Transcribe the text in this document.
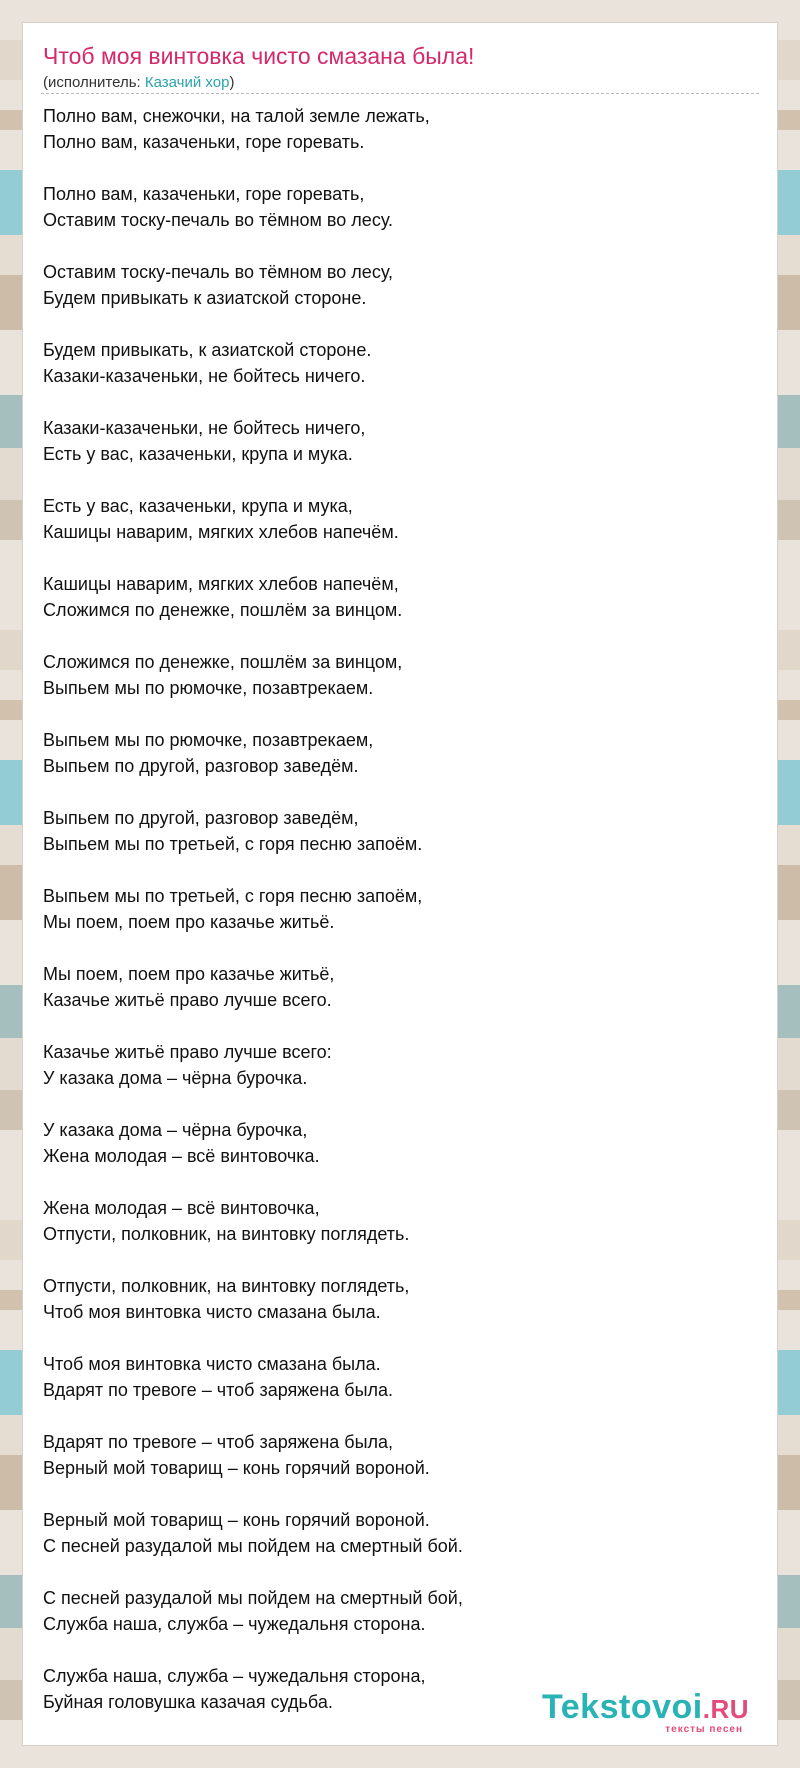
Чтоб моя винтовка чисто смазана была!
(исполнитель: Казачий хор)
Полно вам, снежочки, на талой земле лежать,
Полно вам, казаченьки, горе горевать.
Полно вам, казаченьки, горе горевать,
Оставим тоску-печаль во тёмном во лесу.
Оставим тоску-печаль во тёмном во лесу,
Будем привыкать к азиатской стороне.
Будем привыкать, к азиатской стороне.
Казаки-казаченьки, не бойтесь ничего.
Казаки-казаченьки, не бойтесь ничего,
Есть у вас, казаченьки, крупа и мука.
Есть у вас, казаченьки, крупа и мука,
Кашицы наварим, мягких хлебов напечём.
Кашицы наварим, мягких хлебов напечём,
Сложимся по денежке, пошлём за винцом.
Сложимся по денежке, пошлём за винцом,
Выпьем мы по рюмочке, позавтрекаем.
Выпьем мы по рюмочке, позавтрекаем,
Выпьем по другой, разговор заведём.
Выпьем по другой, разговор заведём,
Выпьем мы по третьей, с горя песню запоём.
Выпьем мы по третьей, с горя песню запоём,
Мы поем, поем про казачье житьё.
Мы поем, поем про казачье житьё,
Казачье житьё право лучше всего.
Казачье житьё право лучше всего:
У казака дома – чёрна бурочка.
У казака дома – чёрна бурочка,
Жена молодая – всё винтовочка.
Жена молодая – всё винтовочка,
Отпусти, полковник, на винтовку поглядеть.
Отпусти, полковник, на винтовку поглядеть,
Чтоб моя винтовка чисто смазана была.
Чтоб моя винтовка чисто смазана была.
Вдарят по тревоге – чтоб заряжена была.
Вдарят по тревоге – чтоб заряжена была,
Верный мой товарищ – конь горячий вороной.
Верный мой товарищ – конь горячий вороной.
С песней разудалой мы пойдем на смертный бой.
С песней разудалой мы пойдем на смертный бой,
Служба наша, служба – чужедальня сторона.
Служба наша, служба – чужедальня сторона,
Буйная головушка казачая судьба.	Tekstovoi.RU
тексты песен
